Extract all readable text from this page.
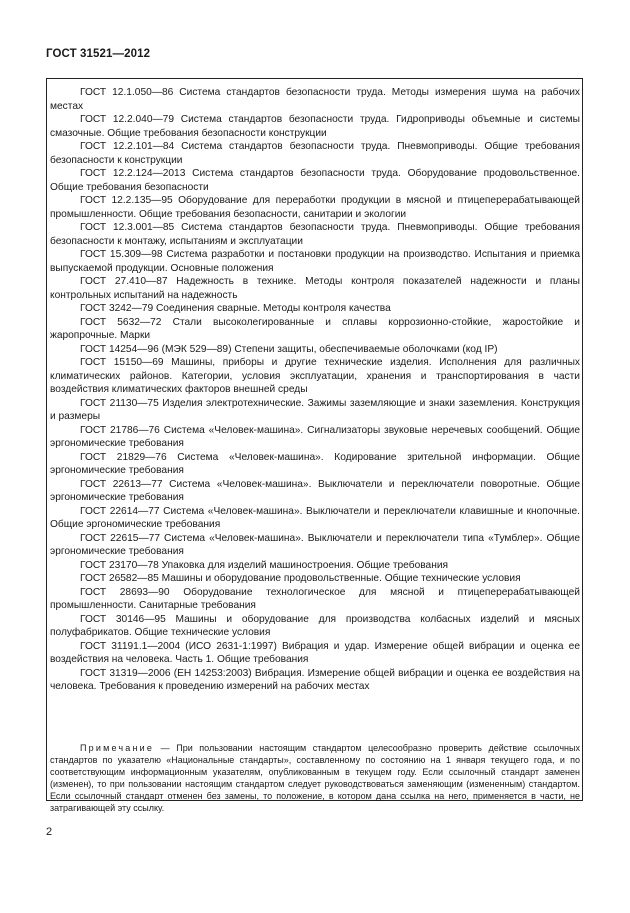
ГОСТ 31521—2012

ГОСТ 12.1.050—86 Система стандартов безопасности труда. Методы измерения шума на рабочих местах

ГОСТ 12.2.040—79 Система стандартов безопасности труда. Гидроприводы объемные и системы смазочные. Общие требования безопасности конструкции

ГОСТ 12.2.101—84 Система стандартов безопасности труда. Пневмоприводы. Общие требования безопасности к конструкции

ГОСТ 12.2.124—2013 Система стандартов безопасности труда. Оборудование продовольственное. Общие требования безопасности

ГОСТ 12.2.135—95 Оборудование для переработки продукции в мясной и птицеперерабатывающей промышленности. Общие требования безопасности, санитарии и экологии

ГОСТ 12.3.001—85 Система стандартов безопасности труда. Пневмоприводы. Общие требования безопасности к монтажу, испытаниям и эксплуатации

ГОСТ 15.309—98 Система разработки и постановки продукции на производство. Испытания и приемка выпускаемой продукции. Основные положения

ГОСТ 27.410—87 Надежность в технике. Методы контроля показателей надежности и планы контрольных испытаний на надежность

ГОСТ 3242—79 Соединения сварные. Методы контроля качества

ГОСТ 5632—72 Стали высоколегированные и сплавы коррозионно-стойкие, жаростойкие и жаропрочные. Марки

ГОСТ 14254—96 (МЭК 529—89) Степени защиты, обеспечиваемые оболочками (код IP)

ГОСТ 15150—69 Машины, приборы и другие технические изделия. Исполнения для различных климатических районов. Категории, условия эксплуатации, хранения и транспортирования в части воздействия климатических факторов внешней среды

ГОСТ 21130—75 Изделия электротехнические. Зажимы заземляющие и знаки заземления. Конструкция и размеры

ГОСТ 21786—76 Система «Человек-машина». Сигнализаторы звуковые неречевых сообщений. Общие эргономические требования

ГОСТ 21829—76 Система «Человек-машина». Кодирование зрительной информации. Общие эргономические требования

ГОСТ 22613—77 Система «Человек-машина». Выключатели и переключатели поворотные. Общие эргономические требования

ГОСТ 22614—77 Система «Человек-машина». Выключатели и переключатели клавишные и кнопочные. Общие эргономические требования

ГОСТ 22615—77 Система «Человек-машина». Выключатели и переключатели типа «Тумблер». Общие эргономические требования

ГОСТ 23170—78 Упаковка для изделий машиностроения. Общие требования

ГОСТ 26582—85 Машины и оборудование продовольственные. Общие технические условия

ГОСТ 28693—90 Оборудование технологическое для мясной и птицеперерабатывающей промышленности. Санитарные требования

ГОСТ 30146—95 Машины и оборудование для производства колбасных изделий и мясных полуфабрикатов. Общие технические условия

ГОСТ 31191.1—2004 (ИСО 2631-1:1997) Вибрация и удар. Измерение общей вибрации и оценка ее воздействия на человека. Часть 1. Общие требования

ГОСТ 31319—2006 (ЕН 14253:2003) Вибрация. Измерение общей вибрации и оценка ее воздействия на человека. Требования к проведению измерений на рабочих местах

Примечание — При пользовании настоящим стандартом целесообразно проверить действие ссылочных стандартов по указателю «Национальные стандарты», составленному по состоянию на 1 января текущего года, и по соответствующим информационным указателям, опубликованным в текущем году. Если ссылочный стандарт заменен (изменен), то при пользовании настоящим стандартом следует руководствоваться заменяющим (измененным) стандартом. Если ссылочный стандарт отменен без замены, то положение, в котором дана ссылка на него, применяется в части, не затрагивающей эту ссылку.
2
